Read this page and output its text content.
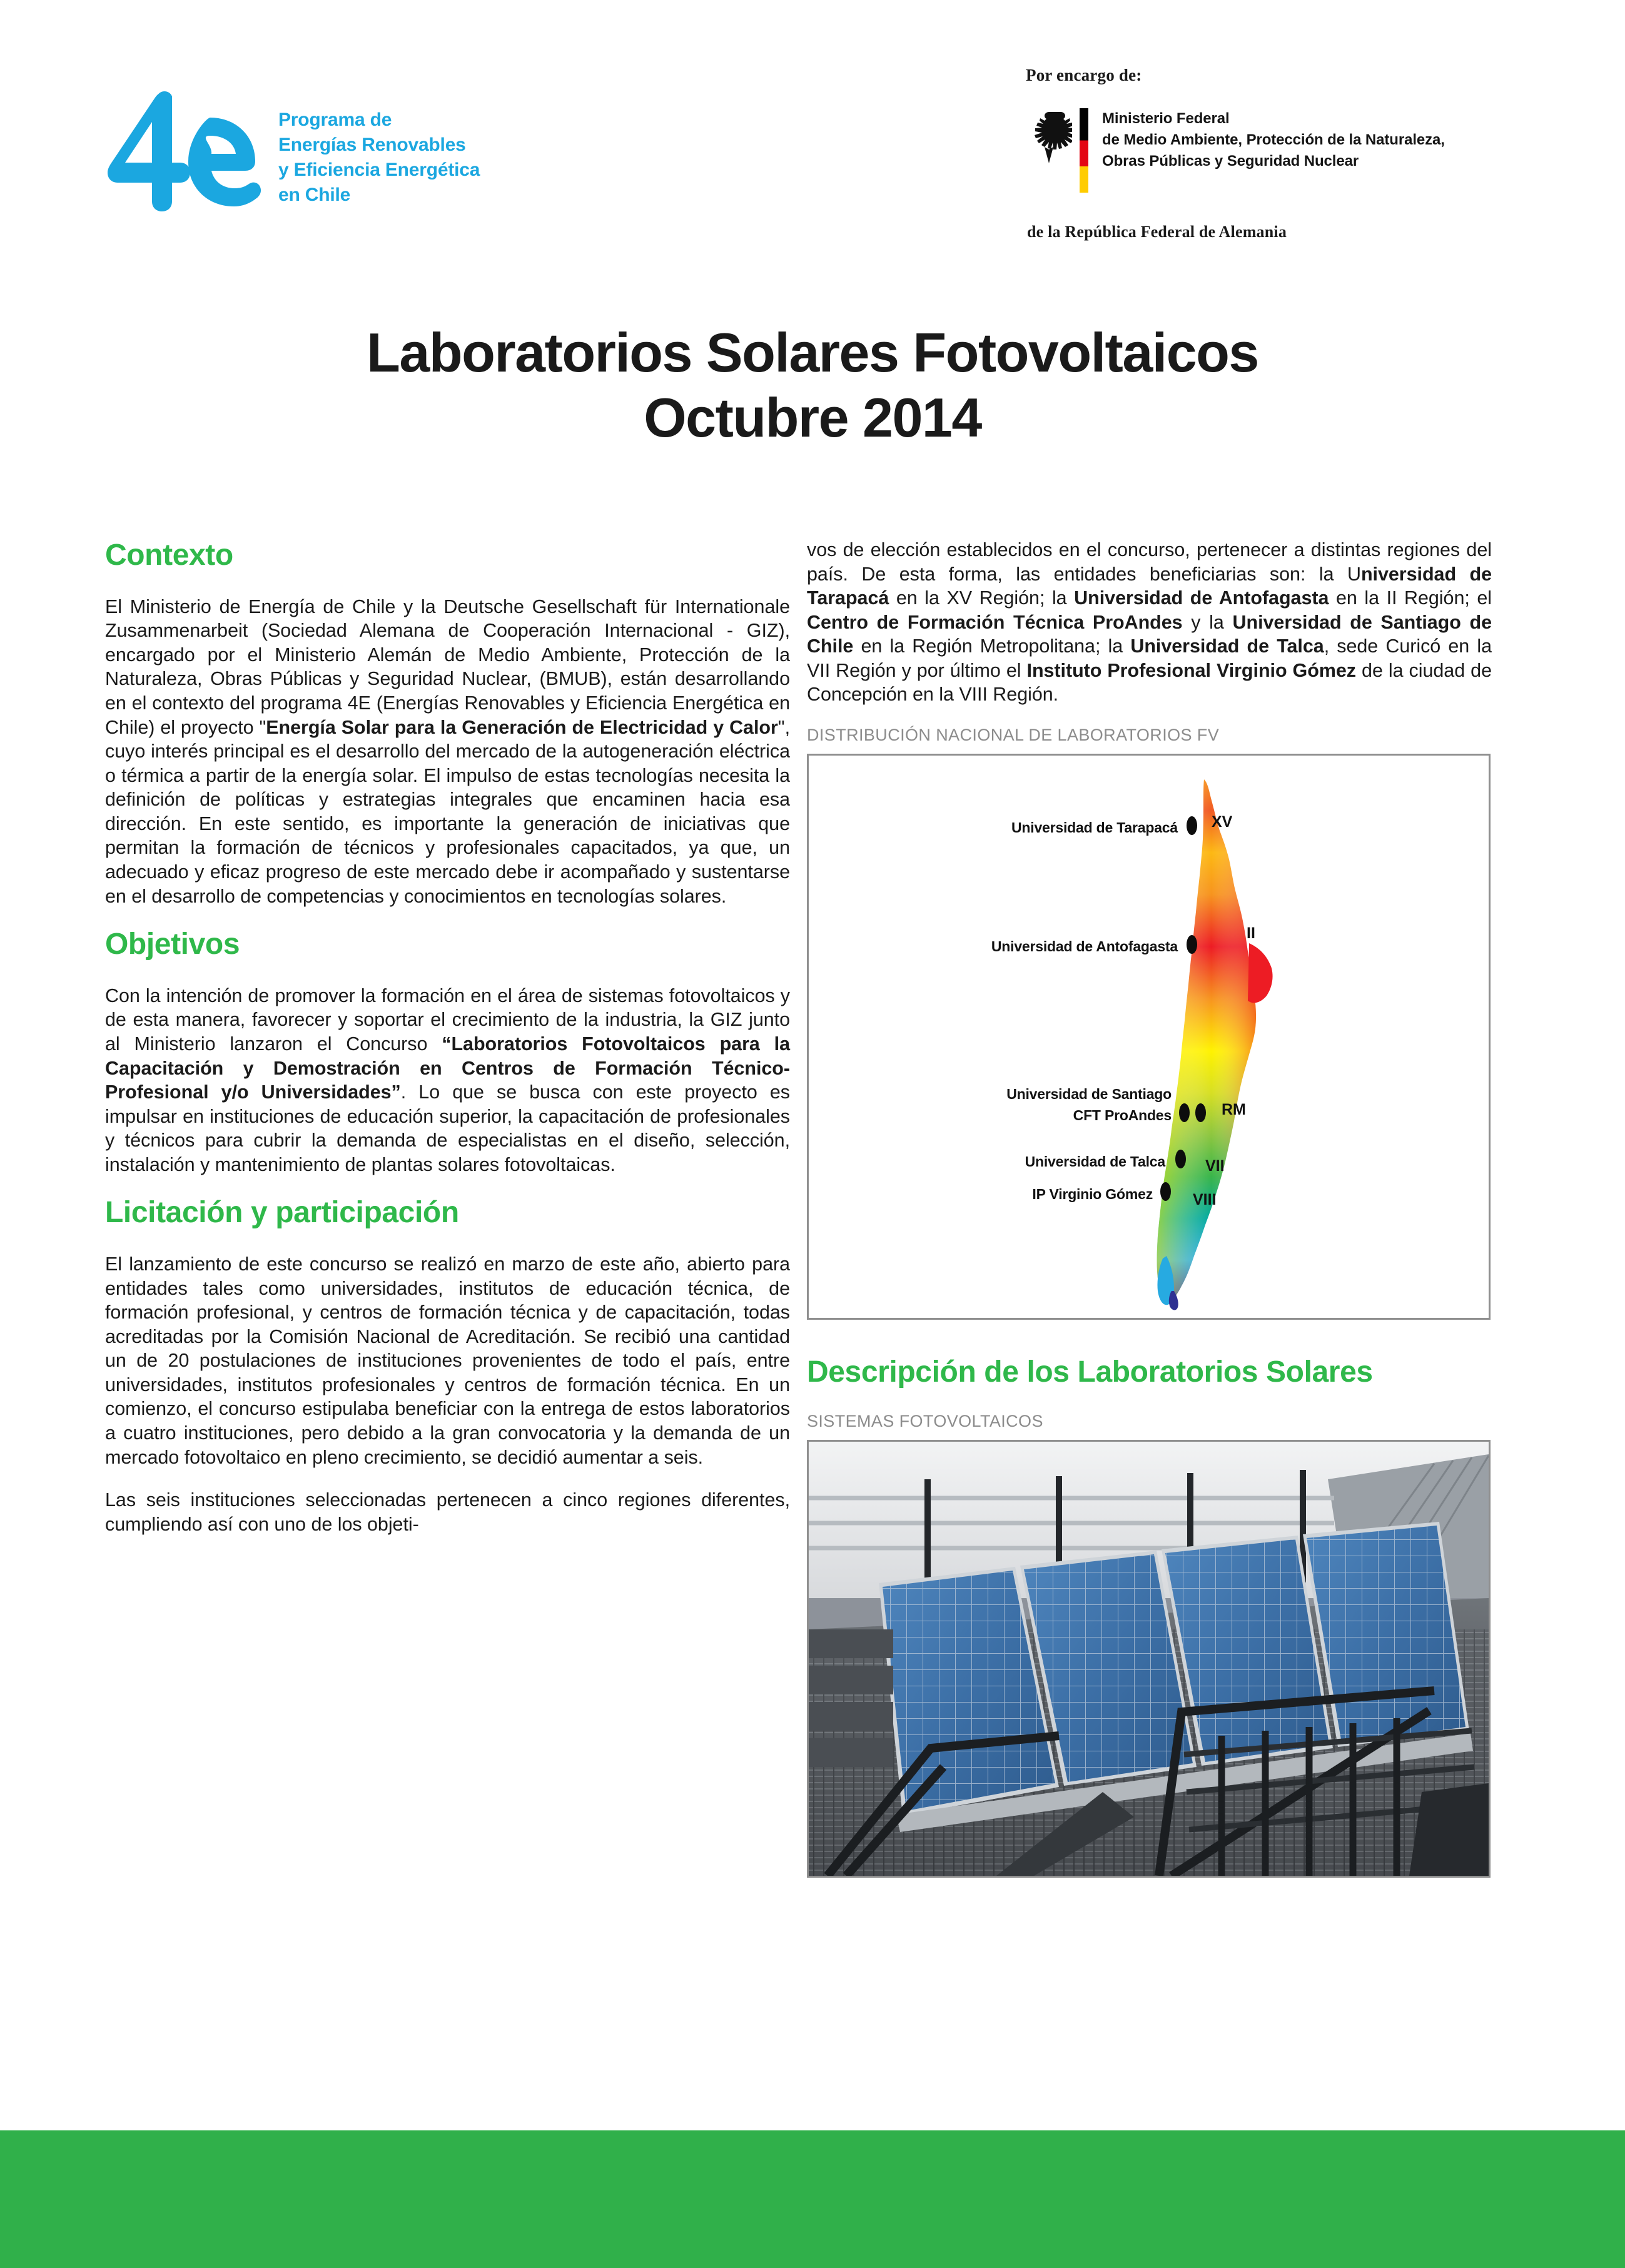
Programa de
Energías Renovables
y Eficiencia Energética
en Chile
Por encargo de:
Ministerio Federal
de Medio Ambiente, Protección de la Naturaleza,
Obras Públicas y Seguridad Nuclear
de la República Federal de Alemania
Laboratorios Solares Fotovoltaicos
Octubre 2014
Contexto

El Ministerio de Energía de Chile y la Deutsche Gesellschaft für Internationale Zusammenarbeit (Sociedad Alemana de Cooperación Internacional - GIZ), encargado por el Ministerio Alemán de Medio Ambiente, Protección de la Naturaleza, Obras Públicas y Seguridad Nuclear, (BMUB), están desarrollando en el contexto del programa 4E (Energías Renovables y Eficiencia Energética en Chile) el proyecto "Energía Solar para la Generación de Electricidad y Calor", cuyo interés principal es el desarrollo del mercado de la autogeneración eléctrica o térmica a partir de la energía solar. El impulso de estas tecnologías necesita la definición de políticas y estrategias integrales que encaminen hacia esa dirección. En este sentido, es importante la generación de iniciativas que permitan la formación de técnicos y profesionales capacitados, ya que, un adecuado y eficaz progreso de este mercado debe ir acompañado y sustentarse en el desarrollo de competencias y conocimientos en tecnologías solares.

Objetivos

Con la intención de promover la formación en el área de sistemas fotovoltaicos y de esta manera, favorecer y soportar el crecimiento de la industria, la GIZ junto al Ministerio lanzaron el Concurso “Laboratorios Fotovoltaicos para la Capacitación y Demostración en Centros de Formación Técnico-Profesional y/o Universidades”. Lo que se busca con este proyecto es impulsar en instituciones de educación superior, la capacitación de profesionales y técnicos para cubrir la demanda de especialistas en el diseño, selección, instalación y mantenimiento de plantas solares fotovoltaicas.

Licitación y participación

El lanzamiento de este concurso se realizó en marzo de este año, abierto para entidades tales como universidades, institutos de educación técnica, de formación profesional, y centros de formación técnica y de capacitación, todas acreditadas por la Comisión Nacional de Acreditación. Se recibió una cantidad un de 20 postulaciones de instituciones provenientes de todo el país, entre universidades, institutos profesionales y centros de formación técnica. En un comienzo, el concurso estipulaba beneficiar con la entrega de estos laboratorios a cuatro instituciones, pero debido a la gran convocatoria y la demanda de un mercado fotovoltaico en pleno crecimiento, se decidió aumentar a seis.

Las seis instituciones seleccionadas pertenecen a cinco regiones diferentes, cumpliendo así con uno de los objeti-

vos de elección establecidos en el concurso, pertenecer a distintas regiones del país. De esta forma, las entidades beneficiarias son: la Universidad de Tarapacá en la XV Región; la Universidad de Antofagasta en la II Región; el Centro de Formación Técnica ProAndes y la Universidad de Santiago de Chile en la Región Metropolitana; la Universidad de Talca, sede Curicó en la VII Región y por último el Instituto Profesional Virginio Gómez de la ciudad de Concepción en la VIII Región.

DISTRIBUCIÓN NACIONAL DE LABORATORIOS FV
Universidad de Tarapacá XV
Universidad de Antofagasta
II
Universidad de Santiago
CFT ProAndes	RM
Universidad de Talca	VII
IP Virginio Gómez	VIII
Descripción de los Laboratorios Solares
SISTEMAS FOTOVOLTAICOS
